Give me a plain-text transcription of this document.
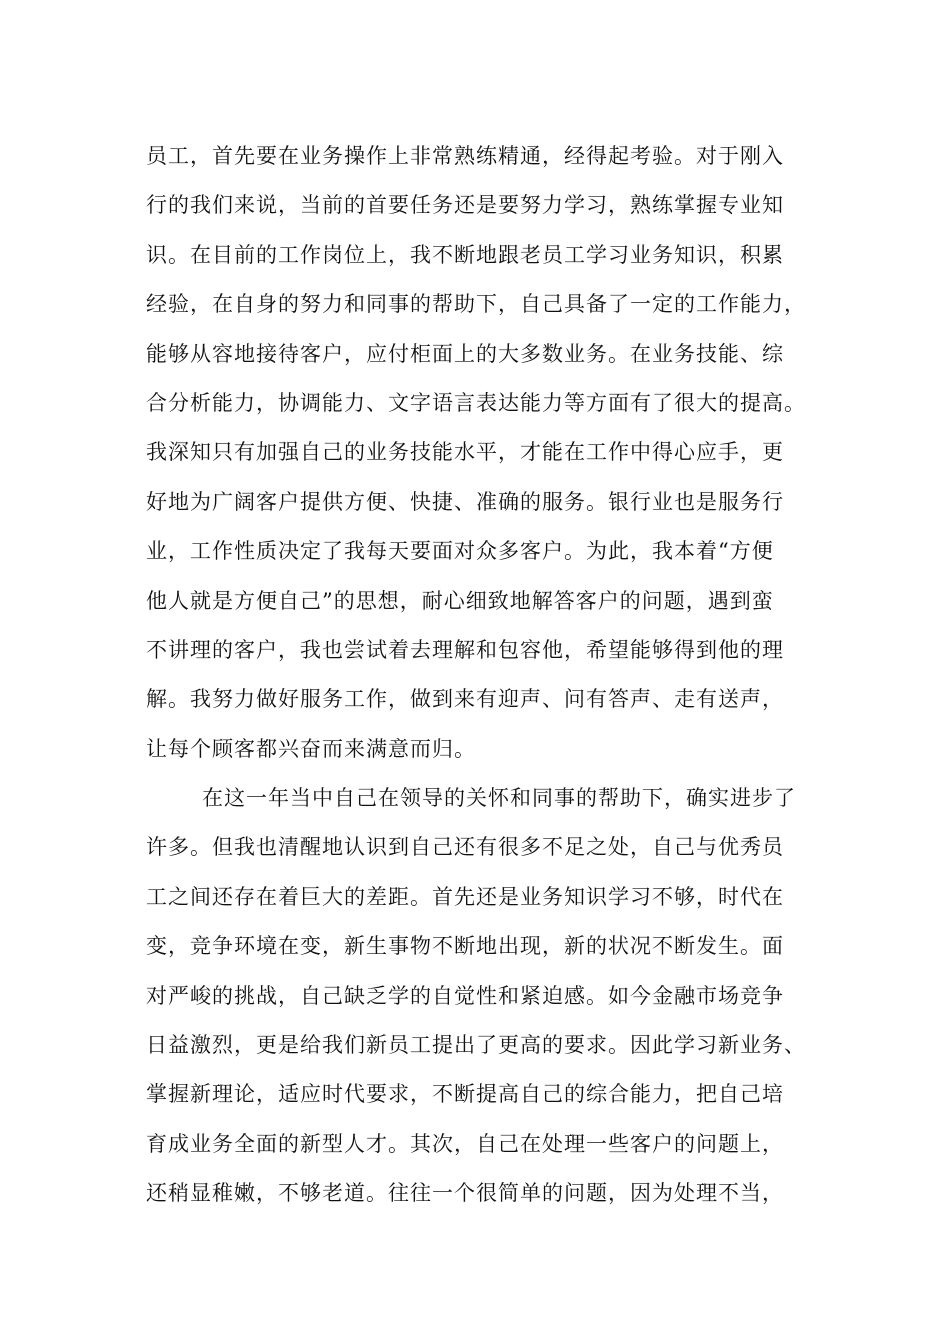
员工，首先要在业务操作上非常熟练精通，经得起考验。对于刚入
行的我们来说，当前的首要任务还是要努力学习，熟练掌握专业知
识。在目前的工作岗位上，我不断地跟老员工学习业务知识，积累
经验，在自身的努力和同事的帮助下，自己具备了一定的工作能力，
能够从容地接待客户，应付柜面上的大多数业务。在业务技能、综
合分析能力，协调能力、文字语言表达能力等方面有了很大的提高。
我深知只有加强自己的业务技能水平，才能在工作中得心应手，更
好地为广阔客户提供方便、快捷、准确的服务。银行业也是服务行
业，工作性质决定了我每天要面对众多客户。为此，我本着“方便
他人就是方便自己”的思想，耐心细致地解答客户的问题，遇到蛮
不讲理的客户，我也尝试着去理解和包容他，希望能够得到他的理
解。我努力做好服务工作，做到来有迎声、问有答声、走有送声，
让每个顾客都兴奋而来满意而归。
在这一年当中自己在领导的关怀和同事的帮助下，确实进步了
许多。但我也清醒地认识到自己还有很多不足之处，自己与优秀员
工之间还存在着巨大的差距。首先还是业务知识学习不够，时代在
变，竞争环境在变，新生事物不断地出现，新的状况不断发生。面
对严峻的挑战，自己缺乏学的自觉性和紧迫感。如今金融市场竞争
日益激烈，更是给我们新员工提出了更高的要求。因此学习新业务、
掌握新理论，适应时代要求，不断提高自己的综合能力，把自己培
育成业务全面的新型人才。其次，自己在处理一些客户的问题上，
还稍显稚嫩，不够老道。往往一个很简单的问题，因为处理不当，
